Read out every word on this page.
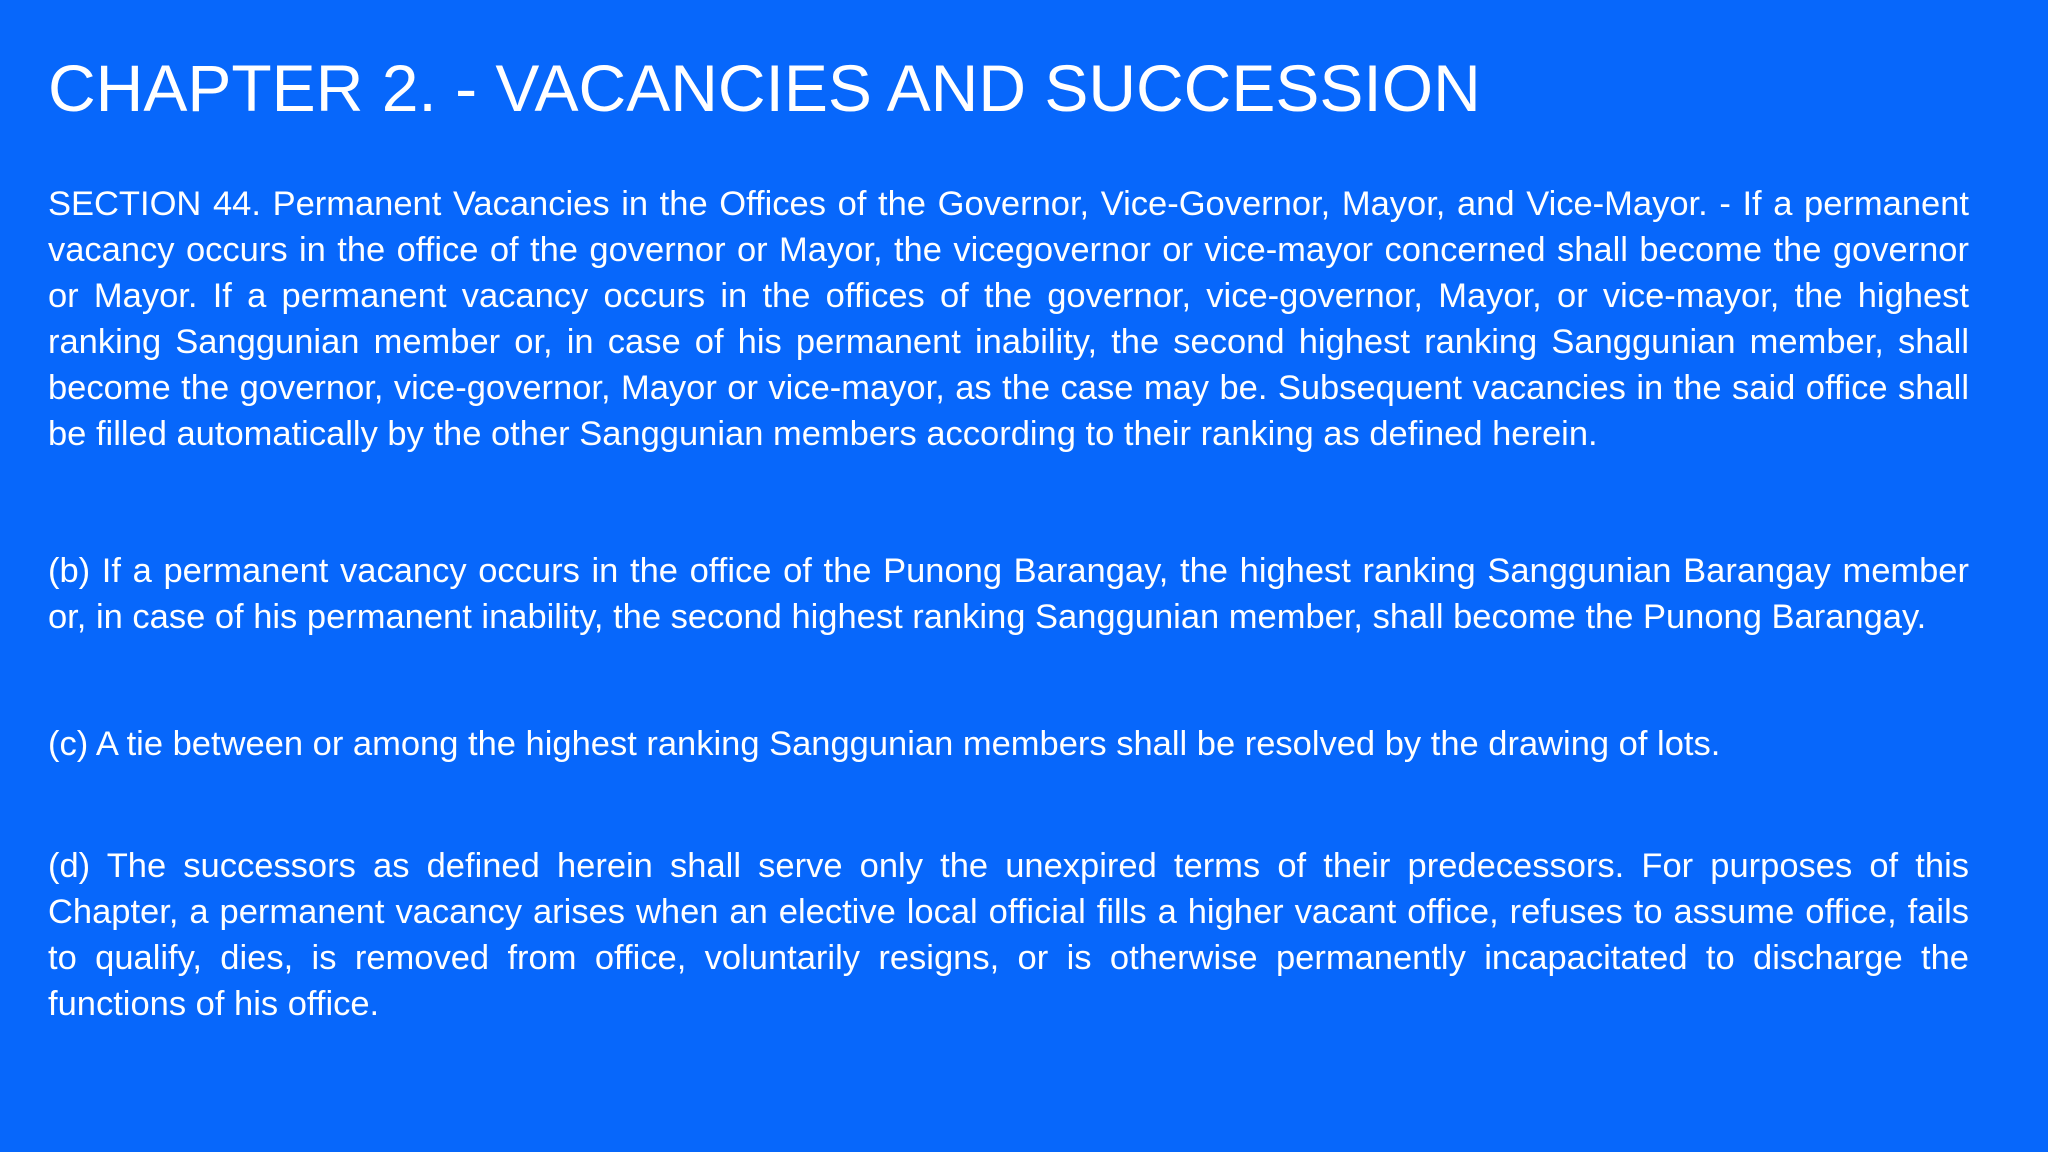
CHAPTER 2. - VACANCIES AND SUCCESSION

SECTION 44. Permanent Vacancies in the Offices of the Governor, Vice-Governor, Mayor, and Vice-Mayor. - If a permanent vacancy occurs in the office of the governor or Mayor, the vicegovernor or vice-mayor concerned shall become the governor or Mayor. If a permanent vacancy occurs in the offices of the governor, vice-governor, Mayor, or vice-mayor, the highest ranking Sanggunian member or, in case of his permanent inability, the second highest ranking Sanggunian member, shall become the governor, vice-governor, Mayor or vice-mayor, as the case may be. Subsequent vacancies in the said office shall be filled automatically by the other Sanggunian members according to their ranking as defined herein.

(b) If a permanent vacancy occurs in the office of the Punong Barangay, the highest ranking Sanggunian Barangay member or, in case of his permanent inability, the second highest ranking Sanggunian member, shall become the Punong Barangay.

(c) A tie between or among the highest ranking Sanggunian members shall be resolved by the drawing of lots.

(d) The successors as defined herein shall serve only the unexpired terms of their predecessors. For purposes of this Chapter, a permanent vacancy arises when an elective local official fills a higher vacant office, refuses to assume office, fails to qualify, dies, is removed from office, voluntarily resigns, or is otherwise permanently incapacitated to discharge the functions of his office.
